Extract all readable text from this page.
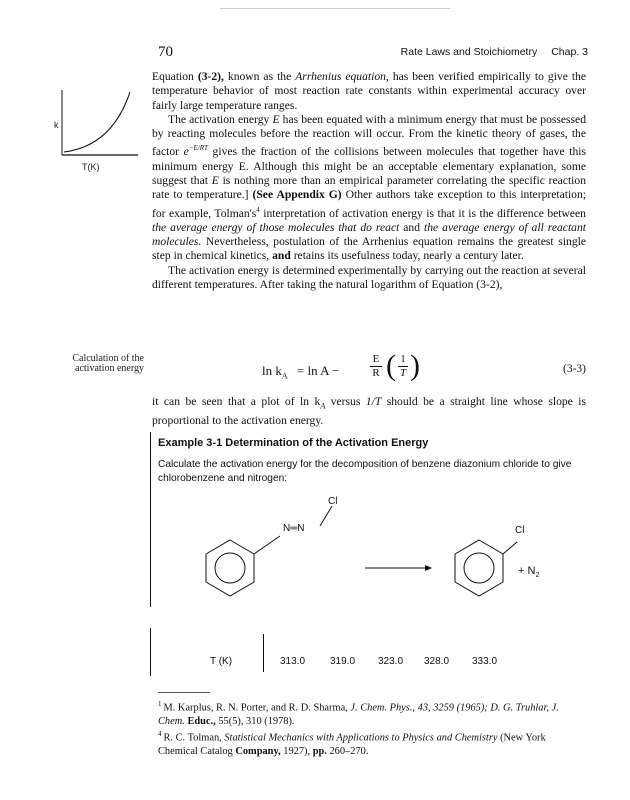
70	Rate Laws and Stoichiometry Chap. 3
k
T(K)
Calculation of the
activation energy

Equation (3-2), known as the Arrhenius equation, has been verified empirically to give the temperature behavior of most reaction rate constants within experimental accuracy over fairly large temperature ranges.

The activation energy E has been equated with a minimum energy that must be possessed by reacting molecules before the reaction will occur. From the kinetic theory of gases, the factor $e^{-E/RT}$ gives the fraction of the collisions between molecules that together have this minimum energy E. Although this might be an acceptable elementary explanation, some suggest that E is nothing more than an empirical parameter correlating the specific reaction rate to temperature.] (See Appendix G) Other authors take exception to this interpretation; for example, $Tolman's^4$ interpretation of activation energy is that it is the difference between the average energy of those molecules that do react and the average energy of all reactant molecules. Nevertheless, postulation of the Arrhenius equation remains the greatest single step in chemical kinetics, and retains its usefulness today, nearly a century later.

The activation energy is determined experimentally by carrying out the reaction at several different temperatures. After taking the natural logarithm of Equation (3-2),

$\ln k_A = \ln A$ −
E
R ( 1
T )	(3-3)

it can be seen that a plot of $\ln k_A$ versus 1/T should be a straight line whose slope is proportional to the activation energy.

Example 3-1 Determination of the Activation Energy
Calculate the activation energy for the decomposition of benzene diazonium chloride to give chlorobenzene and nitrogen:
Cl
N═N	Cl
+ $N_2$
T (K)	313.0 319.0 323.0 328.0 333.0
$^1$ M. Karplus, R. N. Porter, and R. D. Sharma, J. Chem. Phys., 43, 3259 (1965); D. G. Truhlar, J. Chem. Educ., 55(5), 310 (1978).
$^4$ R. C. Tolman, Statistical Mechanics with Applications to Physics and Chemistry (New York Chemical Catalog Company, 1927), pp. 260–270.
